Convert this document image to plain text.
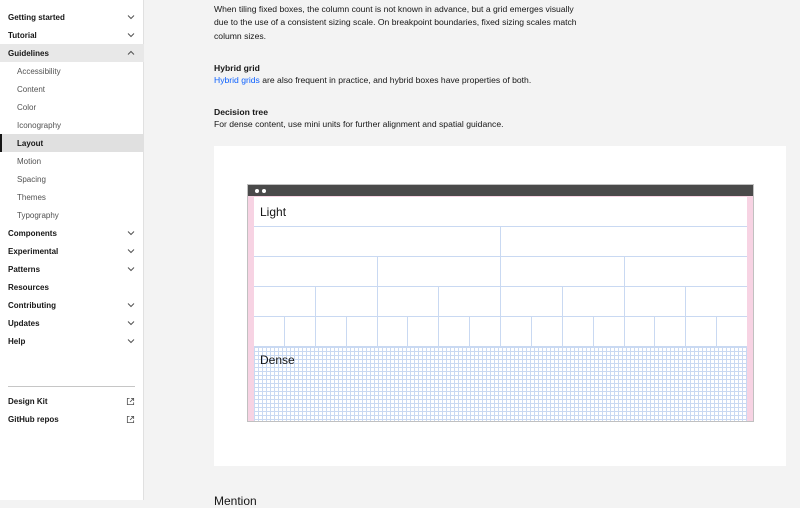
Getting started
Tutorial
Guidelines
Accessibility
Content
Color
Iconography
Layout
Motion
Spacing
Themes
Typography
Components
Experimental
Patterns
Resources
Contributing
Updates
Help
Design Kit
GitHub repos

When tiling fixed boxes, the column count is not known in advance, but a grid emerges visually due to the use of a consistent sizing scale. On breakpoint boundaries, fixed sizing scales match column sizes.

Hybrid grid

Hybrid grids are also frequent in practice, and hybrid boxes have properties of both.

Decision tree

For dense content, use mini units for further alignment and spatial guidance.

Light
Dense
Mention
